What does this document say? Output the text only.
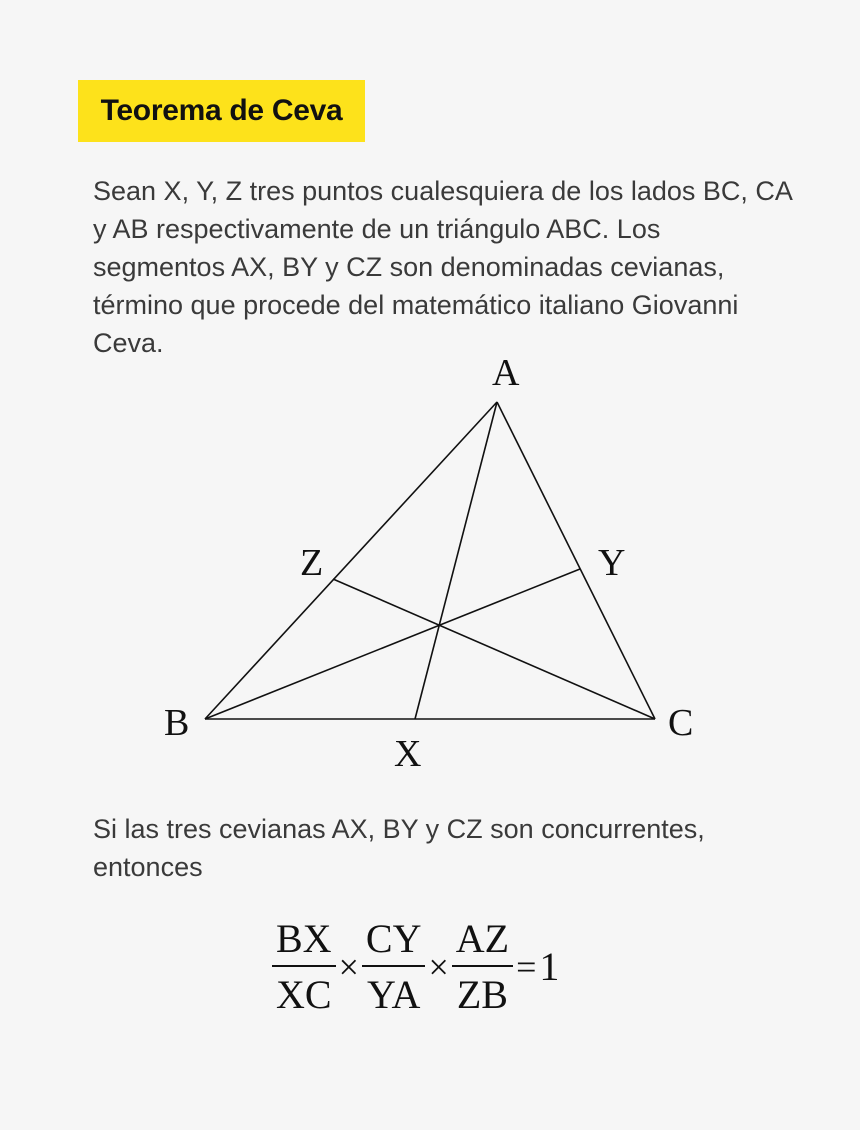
Teorema de Ceva

Sean X, Y, Z tres puntos cualesquiera de los lados BC, CA y AB respectivamente de un triángulo ABC. Los segmentos AX, BY y CZ son denominadas cevianas, término que procede del matemático italiano Giovanni Ceva.

A
B	C
X
Y
Z

Si las tres cevianas AX, BY y CZ son concurrentes, entonces

$\frac{BX}{XC} \times \frac{CY}{YA} \times \frac{AZ}{ZB} = 1$
